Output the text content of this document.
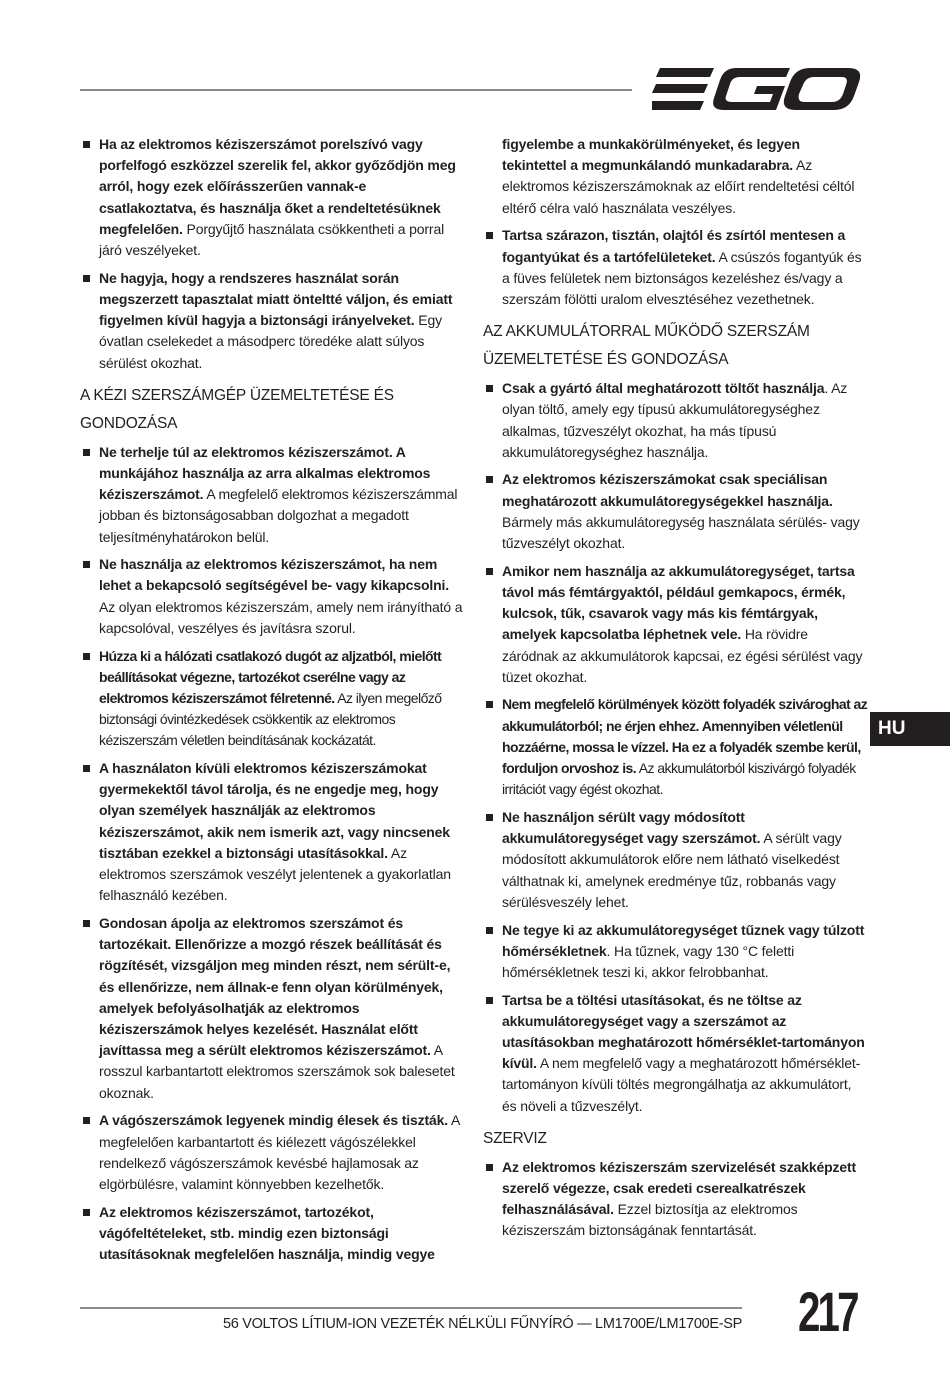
Ha az elektromos kéziszerszámot porelszívó vagy porfelfogó eszközzel szerelik fel, akkor győződjön meg arról, hogy ezek előírásszerűen vannak-e csatlakoztatva, és használja őket a rendeltetésüknek megfelelően. Porgyűjtő használata csökkentheti a porral járó veszélyeket.
Ne hagyja, hogy a rendszeres használat során megszerzett tapasztalat miatt önteltté váljon, és emiatt figyelmen kívül hagyja a biztonsági irányelveket. Egy óvatlan cselekedet a másodperc töredéke alatt súlyos sérülést okozhat.
A KÉZI SZERSZÁMGÉP ÜZEMELTETÉSE ÉS GONDOZÁSA
Ne terhelje túl az elektromos kéziszerszámot. A munkájához használja az arra alkalmas elektromos kéziszerszámot. A megfelelő elektromos kéziszerszámmal jobban és biztonságosabban dolgozhat a megadott teljesítményhatárokon belül.
Ne használja az elektromos kéziszerszámot, ha nem lehet a bekapcsoló segítségével be- vagy kikapcsolni. Az olyan elektromos kéziszerszám, amely nem irányítható a kapcsolóval, veszélyes és javításra szorul.
Húzza ki a hálózati csatlakozó dugót az aljzatból, mielőtt beállításokat végezne, tartozékot cserélne vagy az elektromos kéziszerszámot félretenné. Az ilyen megelőző biztonsági óvintézkedések csökkentik az elektromos kéziszerszám véletlen beindításának kockázatát.
A használaton kívüli elektromos kéziszerszámokat gyermekektől távol tárolja, és ne engedje meg, hogy olyan személyek használják az elektromos kéziszerszámot, akik nem ismerik azt, vagy nincsenek tisztában ezekkel a biztonsági utasításokkal. Az elektromos szerszámok veszélyt jelentenek a gyakorlatlan felhasználó kezében.
Gondosan ápolja az elektromos szerszámot és tartozékait. Ellenőrizze a mozgó részek beállítását és rögzítését, vizsgáljon meg minden részt, nem sérült-e, és ellenőrizze, nem állnak-e fenn olyan körülmények, amelyek befolyásolhatják az elektromos kéziszerszámok helyes kezelését. Használat előtt javíttassa meg a sérült elektromos kéziszerszámot. A rosszul karbantartott elektromos szerszámok sok balesetet okoznak.
A vágószerszámok legyenek mindig élesek és tiszták. A megfelelően karbantartott és kiélezett vágószélekkel rendelkező vágószerszámok kevésbé hajlamosak az elgörbülésre, valamint könnyebben kezelhetők.
Az elektromos kéziszerszámot, tartozékot, vágófeltételeket, stb. mindig ezen biztonsági utasításoknak megfelelően használja, mindig vegye
figyelembe a munkakörülményeket, és legyen tekintettel a megmunkálandó munkadarabra. Az elektromos kéziszerszámoknak az előírt rendeltetési céltól eltérő célra való használata veszélyes.
Tartsa szárazon, tisztán, olajtól és zsírtól mentesen a fogantyúkat és a tartófelületeket. A csúszós fogantyúk és a füves felületek nem biztonságos kezeléshez és/vagy a szerszám fölötti uralom elvesztéséhez vezethetnek.
AZ AKKUMULÁTORRAL MŰKÖDŐ SZERSZÁM ÜZEMELTETÉSE ÉS GONDOZÁSA
Csak a gyártó által meghatározott töltőt használja. Az olyan töltő, amely egy típusú akkumulátoregységhez alkalmas, tűzveszélyt okozhat, ha más típusú akkumulátoregységhez használja.
Az elektromos kéziszerszámokat csak speciálisan meghatározott akkumulátoregységekkel használja. Bármely más akkumulátoregység használata sérülés- vagy tűzveszélyt okozhat.
Amikor nem használja az akkumulátoregységet, tartsa távol más fémtárgyaktól, például gemkapocs, érmék, kulcsok, tűk, csavarok vagy más kis fémtárgyak, amelyek kapcsolatba léphetnek vele. Ha rövidre záródnak az akkumulátorok kapcsai, ez égési sérülést vagy tüzet okozhat.
Nem megfelelő körülmények között folyadék szivároghat az akkumulátorból; ne érjen ehhez. Amennyiben véletlenül hozzáérne, mossa le vízzel. Ha ez a folyadék szembe kerül, forduljon orvoshoz is. Az akkumulátorból kiszivárgó folyadék irritációt vagy égést okozhat.
Ne használjon sérült vagy módosított akkumulátoregységet vagy szerszámot. A sérült vagy módosított akkumulátorok előre nem látható viselkedést válthatnak ki, amelynek eredménye tűz, robbanás vagy sérülésveszély lehet.
Ne tegye ki az akkumulátoregységet tűznek vagy túlzott hőmérsékletnek. Ha tűznek, vagy 130 °C feletti hőmérsékletnek teszi ki, akkor felrobbanhat.
Tartsa be a töltési utasításokat, és ne töltse az akkumulátoregységet vagy a szerszámot az utasításokban meghatározott hőmérséklet-tartományon kívül. A nem megfelelő vagy a meghatározott hőmérséklet-tartományon kívüli töltés megrongálhatja az akkumulátort, és növeli a tűzveszélyt.
SZERVIZ
Az elektromos kéziszerszám szervizelését szakképzett szerelő végezze, csak eredeti cserealkatrészek felhasználásával. Ezzel biztosítja az elektromos kéziszerszám biztonságának fenntartását.
HU
56 VOLTOS LÍTIUM-ION VEZETÉK NÉLKÜLI FŰNYÍRÓ — LM1700E/LM1700E-SP 217
